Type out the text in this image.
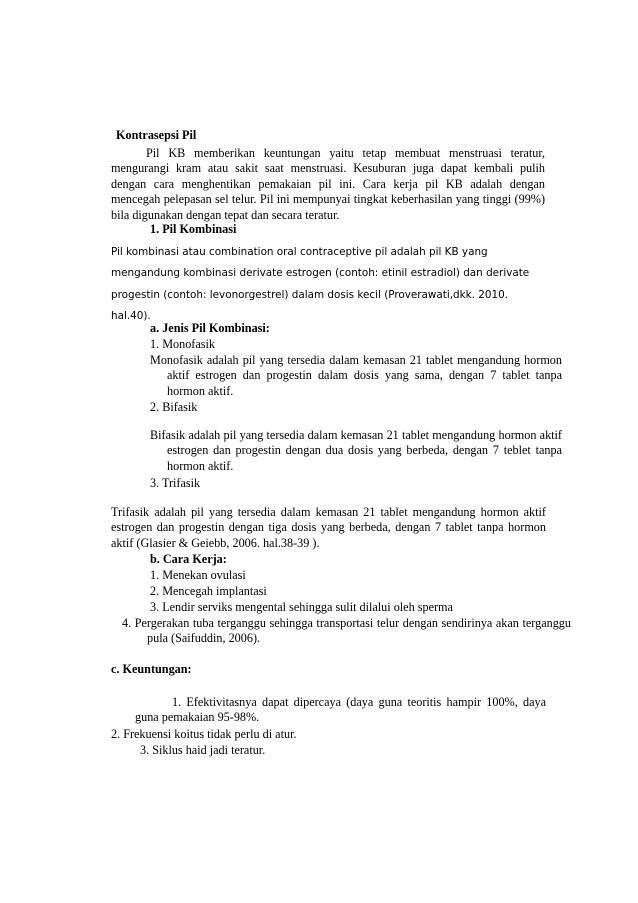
Kontrasepsi Pil
Pil KB memberikan keuntungan yaitu tetap membuat menstruasi teratur, mengurangi kram atau sakit saat menstruasi. Kesuburan juga dapat kembali pulih dengan cara menghentikan pemakaian pil ini. Cara kerja pil KB adalah dengan mencegah pelepasan sel telur. Pil ini mempunyai tingkat keberhasilan yang tinggi (99%) bila digunakan dengan tepat dan secara teratur.
1. Pil Kombinasi
Pil kombinasi atau combination oral contraceptive pil adalah pil KB yang mengandung kombinasi derivate estrogen (contoh: etinil estradiol) dan derivate progestin (contoh: levonorgestrel) dalam dosis kecil (Proverawati,dkk. 2010. hal.40).
a. Jenis Pil Kombinasi:
1. Monofasik
Monofasik adalah pil yang tersedia dalam kemasan 21 tablet mengandung hormon aktif estrogen dan progestin dalam dosis yang sama, dengan 7 tablet tanpa hormon aktif.
2. Bifasik
Bifasik adalah pil yang tersedia dalam kemasan 21 tablet mengandung hormon aktif estrogen dan progestin dengan dua dosis yang berbeda, dengan 7 teblet tanpa hormon aktif.
3. Trifasik
Trifasik adalah pil yang tersedia dalam kemasan 21 tablet mengandung hormon aktif estrogen dan progestin dengan tiga dosis yang berbeda, dengan 7 tablet tanpa hormon aktif (Glasier & Geiebb, 2006. hal.38-39 ).
b. Cara Kerja:
1. Menekan ovulasi
2. Mencegah implantasi
3. Lendir serviks mengental sehingga sulit dilalui oleh sperma
4. Pergerakan tuba terganggu sehingga transportasi telur dengan sendirinya akan terganggu pula (Saifuddin, 2006).
c. Keuntungan:
1. Efektivitasnya dapat dipercaya (daya guna teoritis hampir 100%, daya guna pemakaian 95-98%.
2. Frekuensi koitus tidak perlu di atur.
3. Siklus haid jadi teratur.
